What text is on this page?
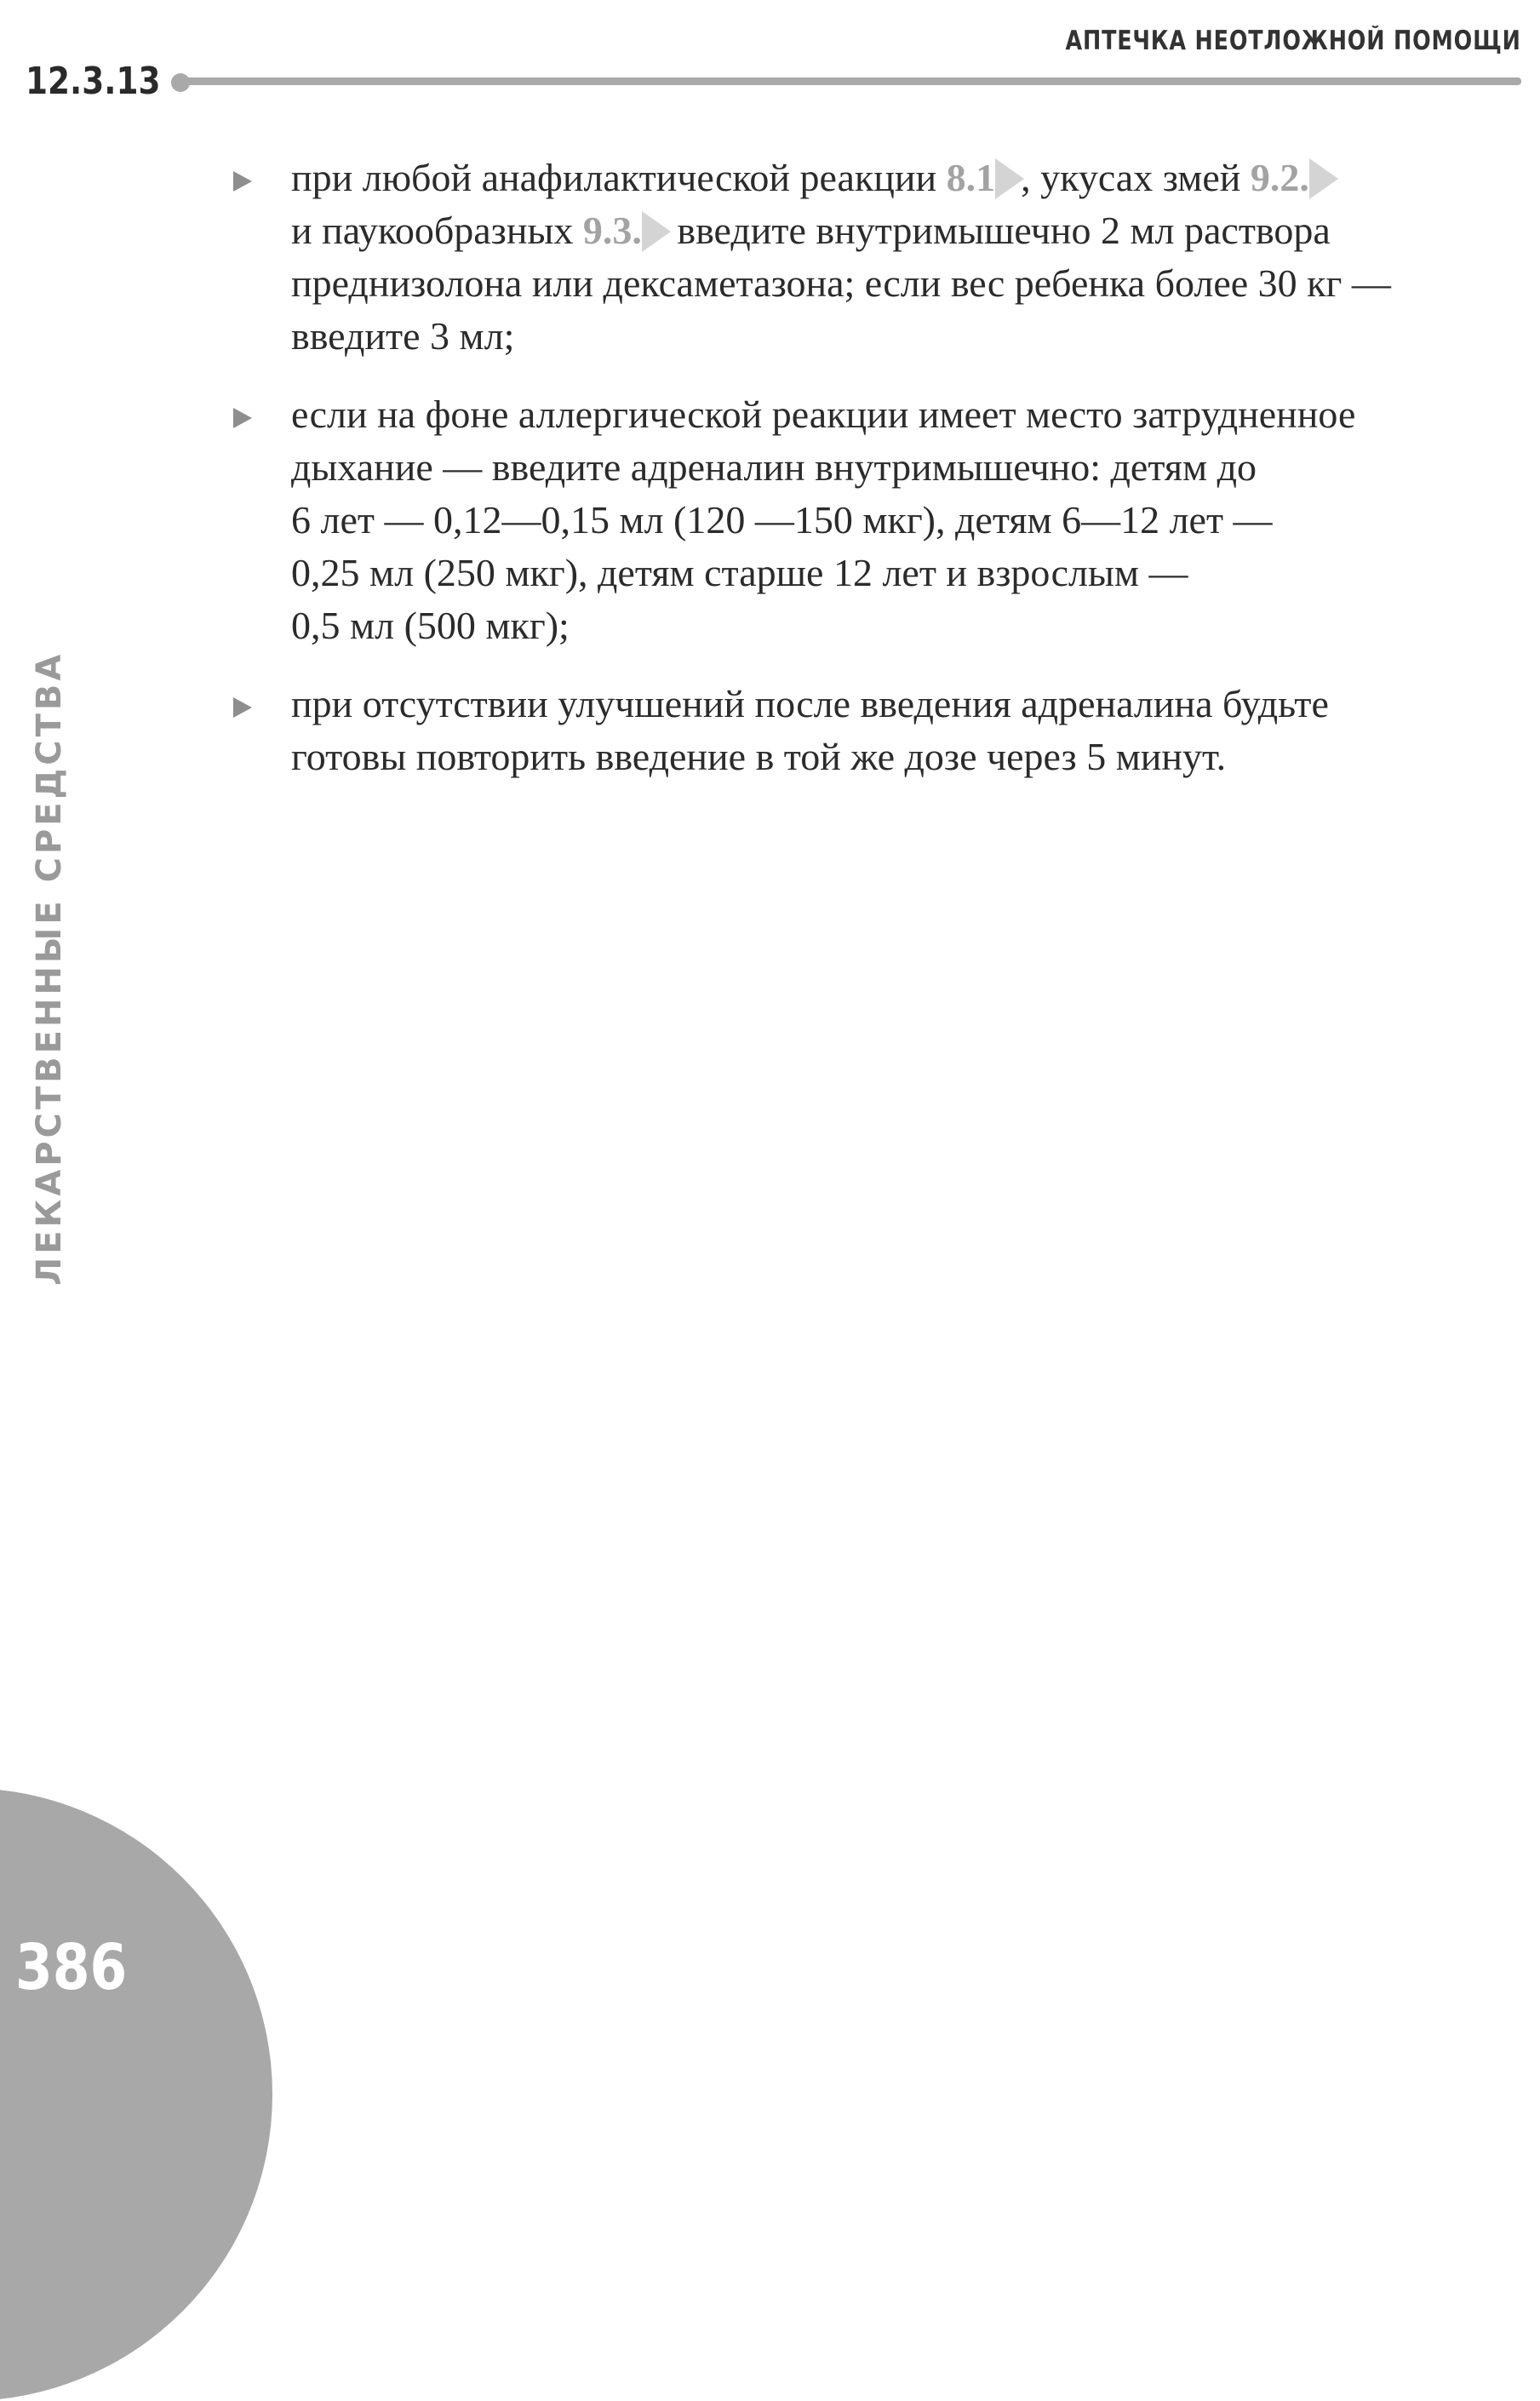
АПТЕЧКА НЕОТЛОЖНОЙ ПОМОЩИ
12.3.13
ЛЕКАРСТВЕННЫЕ СРЕДСТВА
при любой анафилактической реакции 8.1 , укусах змей 9.2.
и паукообразных 9.3. введите внутримышечно 2 мл раствора
преднизолона или дексаметазона; если вес ребенка более 30 кг —
введите 3 мл;
если на фоне аллергической реакции имеет место затрудненное
дыхание — введите адреналин внутримышечно: детям до
6 лет — 0,12—0,15 мл (120 —150 мкг), детям 6—12 лет —
0,25 мл (250 мкг), детям старше 12 лет и взрослым —
0,5 мл (500 мкг);
при отсутствии улучшений после введения адреналина будьте
готовы повторить введение в той же дозе через 5 минут.
386
